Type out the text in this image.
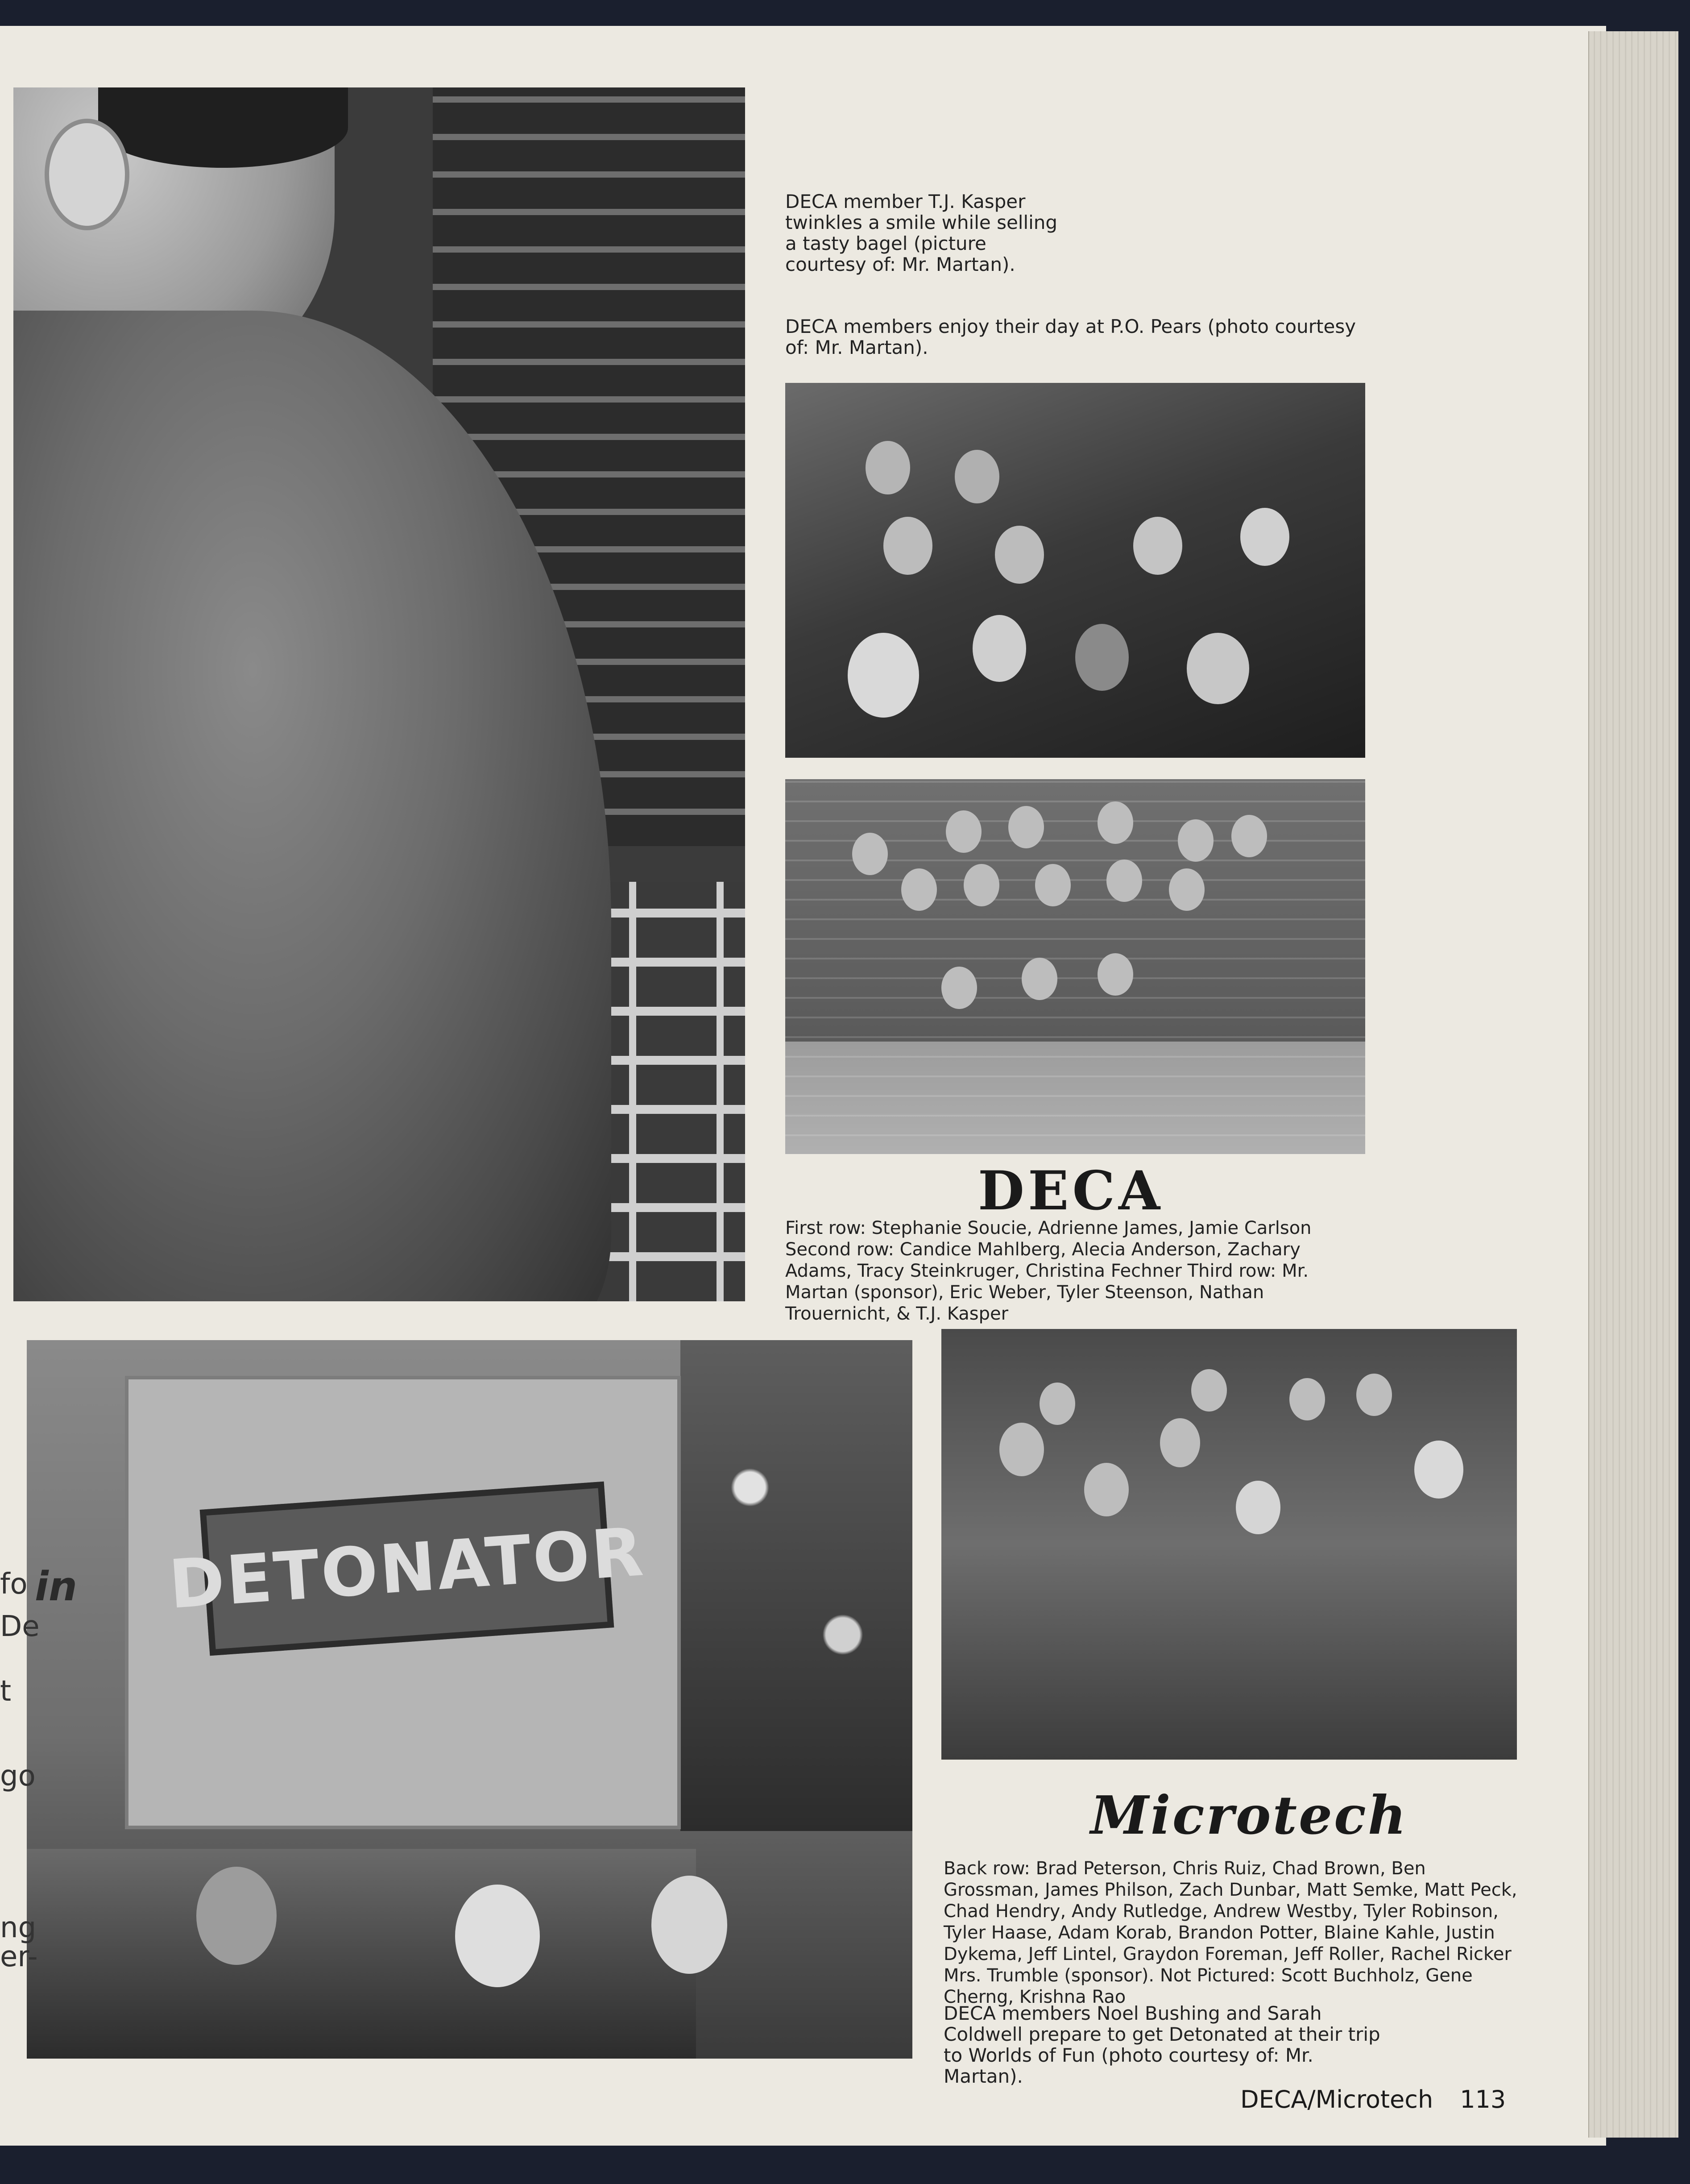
DECA member T.J. Kasper twinkles a smile while selling a tasty bagel (picture courtesy of: Mr. Martan).
DECA members enjoy their day at P.O. Pears (photo courtesy of: Mr. Martan).
DECA
First row: Stephanie Soucie, Adrienne James, Jamie Carlson Second row: Candice Mahlberg, Alecia Anderson, Zachary Adams, Tracy Steinkruger, Christina Fechner Third row: Mr. Martan (sponsor), Eric Weber, Tyler Steenson, Nathan Trouernicht, & T.J. Kasper
DETONATOR
Microtech
Back row: Brad Peterson, Chris Ruiz, Chad Brown, Ben Grossman, James Philson, Zach Dunbar, Matt Semke, Matt Peck, Chad Hendry, Andy Rutledge, Andrew Westby, Tyler Robinson, Tyler Haase, Adam Korab, Brandon Potter, Blaine Kahle, Justin Dykema, Jeff Lintel, Graydon Foreman, Jeff Roller, Rachel Ricker Mrs. Trumble (sponsor). Not Pictured: Scott Buchholz, Gene Cherng, Krishna Rao
DECA members Noel Bushing and Sarah Coldwell prepare to get Detonated at their trip to Worlds of Fun (photo courtesy of: Mr. Martan).
DECA/Microtech 113
fo in
De
t
go
ng
er-
